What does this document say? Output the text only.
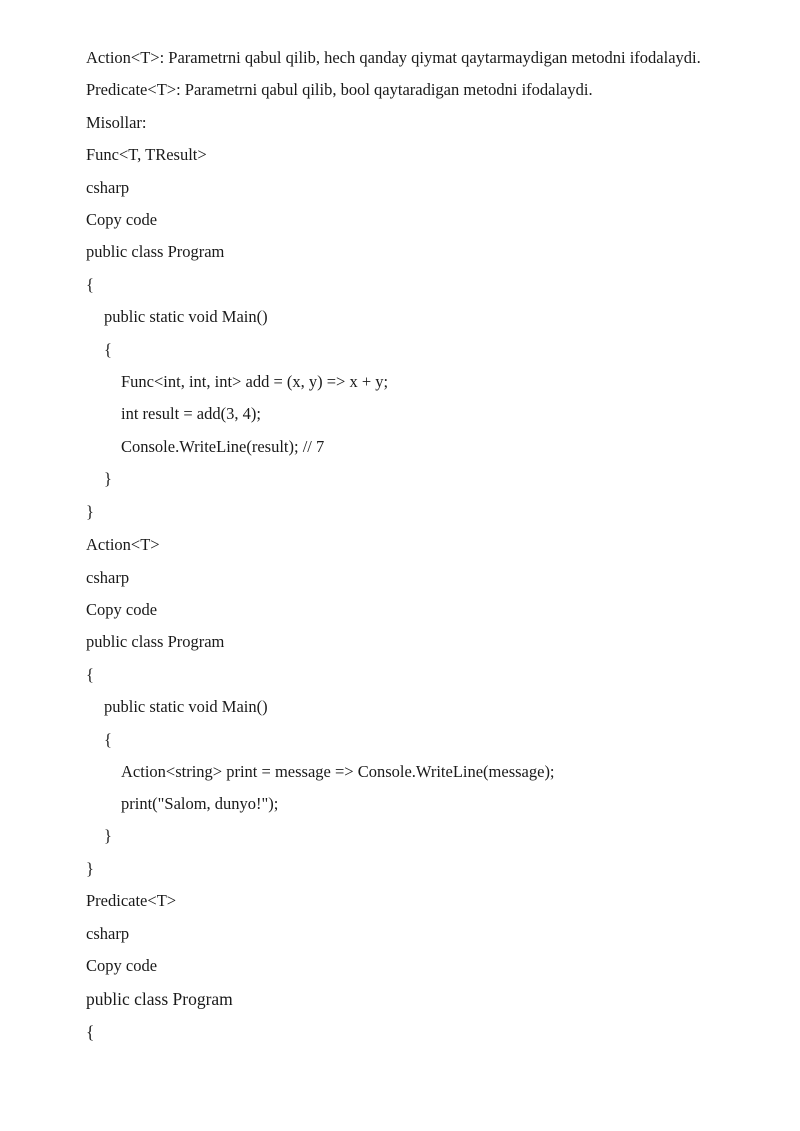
Action<T>: Parametrni qabul qilib, hech qanday qiymat qaytarmaydigan metodni ifodalaydi.
Predicate<T>: Parametrni qabul qilib, bool qaytaradigan metodni ifodalaydi.
Misollar:
Func<T, TResult>
csharp
Copy code
public class Program
{
public static void Main()
{
Func<int, int, int> add = (x, y) => x + y;
int result = add(3, 4);
Console.WriteLine(result); // 7
}
}
Action<T>
csharp
Copy code
public class Program
{
public static void Main()
{
Action<string> print = message => Console.WriteLine(message);
print("Salom, dunyo!");
}
}
Predicate<T>
csharp
Copy code
public class Program
{
